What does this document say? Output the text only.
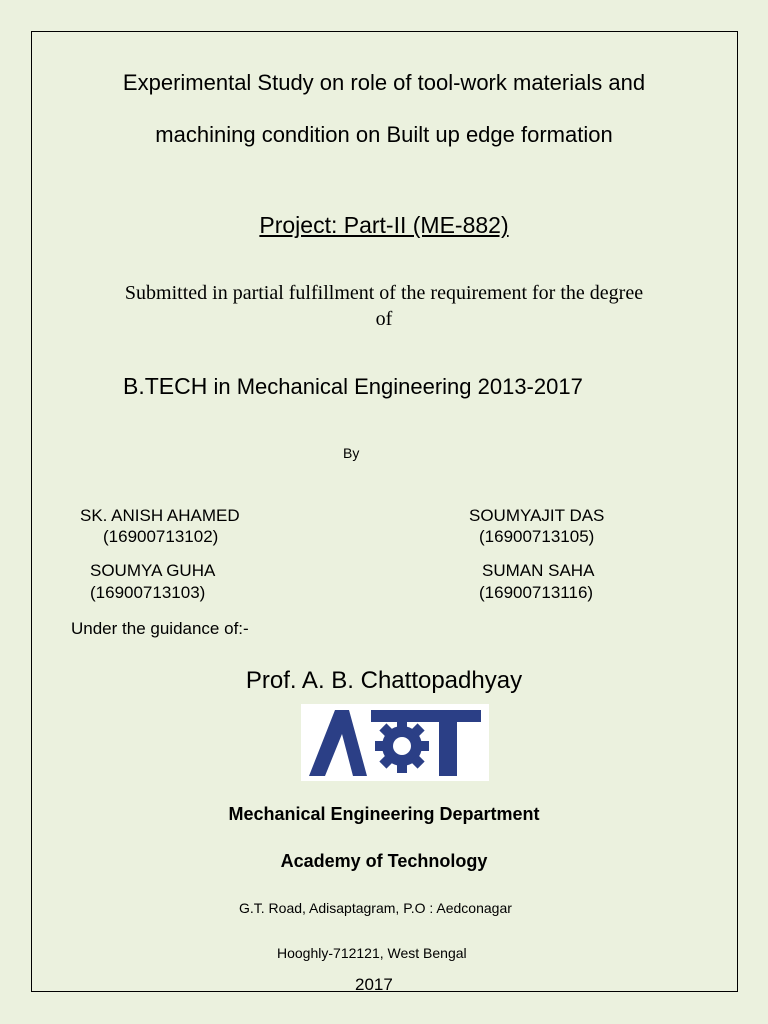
Experimental Study on role of tool-work materials and
machining condition on Built up edge formation
Project: Part-II (ME-882)
Submitted in partial fulfillment of the requirement for the degree
of
B.TECH in Mechanical Engineering 2013-2017
By
SK. ANISH AHAMED
(16900713102)
SOUMYAJIT DAS
(16900713105)
SOUMYA GUHA
(16900713103)
SUMAN SAHA
(16900713116)
Under the guidance of:-
Prof. A. B. Chattopadhyay
Mechanical Engineering Department
Academy of Technology
G.T. Road, Adisaptagram, P.O : Aedconagar
Hooghly-712121, West Bengal
2017
